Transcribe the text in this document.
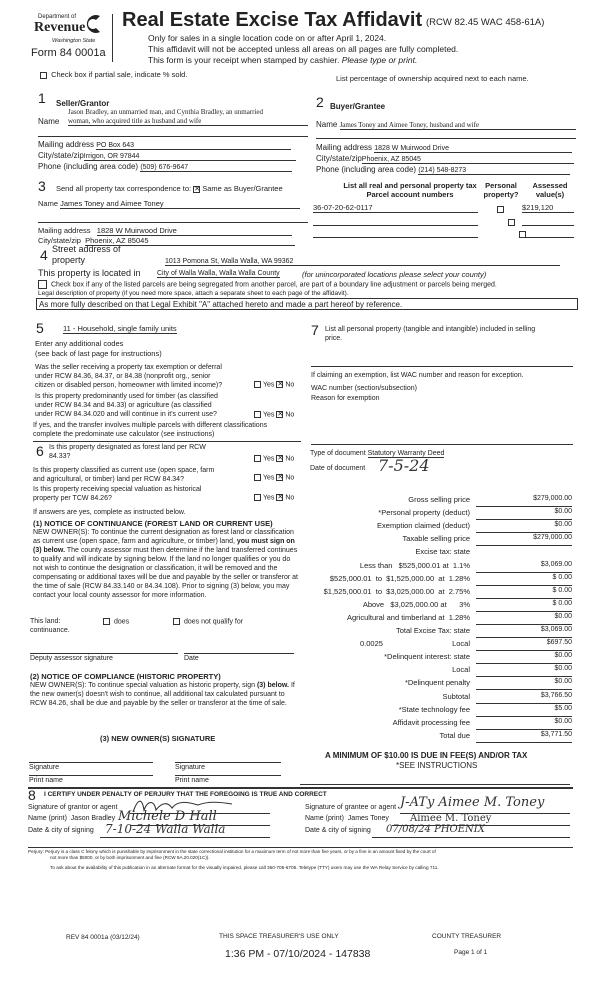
Department of
Revenue
Washington State
Form 84 0001a
Real Estate Excise Tax Affidavit (RCW 82.45 WAC 458-61A)
Only for sales in a single location code on or after April 1, 2024.
This affidavit will not be accepted unless all areas on all pages are fully completed.
This form is your receipt when stamped by cashier. Please type or print.
Check box if partial sale, indicate % sold.	List percentage of ownership acquired next to each name.
1 Seller/Grantor
Name
Jason Bradley, an unmarried man, and Cynthia Bradley, an unmarried
woman, who acquired title as husband and wife
Mailing address PO Box 643
City/state/zipIrrigon, OR 97844
Phone (including area code) (509) 676-9647
2 Buyer/Grantee
Name James Toney and Aimee Toney, husband and wife
Mailing address 1828 W Muirwood Drive
City/state/zipPhoenix, AZ 85045
Phone (including area code) (214) 548-8273
3 Send all property tax correspondence to: ✕ Same as Buyer/Grantee
Name James Toney and Aimee Toney
Mailing address 1828 W Muirwood Drive
City/state/zip Phoenix, AZ 85045
List all real and personal property tax
Parcel account numbers
Personal
property?
Assessed
value(s)
36-07-20-62-0117
	$219,120

4 Street address of
property	1013 Pomona St, Walla Walla, WA 99362
This property is located in City of Walla Walla, Walla Walla County	(for unincorporated locations please select your county)
Check box if any of the listed parcels are being segregated from another parcel, are part of a boundary line adjustment or parcels being merged.
Legal description of property (if you need more space, attach a separate sheet to each page of the affidavit).
As more fully described on that Legal Exhibit "A" attached hereto and made a part hereof by reference.
5	11 - Household, single family units
Enter any additional codes
(see back of last page for instructions)
Was the seller receiving a property tax exemption or deferral
under RCW 84.36, 84.37, or 84.38 (nonprofit org., senior
citizen or disabled person, homeowner with limited income)?	Yes ✕ No
Is this property predominantly used for timber (as classified
under RCW 84.34 and 84.33) or agriculture (as classified
under RCW 84.34.020 and will continue in it's current use?	Yes ✕ No
If yes, and the transfer involves multiple parcels with different classifications
complete the predominate use calculator (see instructions)
6 Is this property designated as forest land per RCW
84.33?	Yes ✕ No
Is this property classified as current use (open space, farm
and agricultural, or timber) land per RCW 84.34?	Yes ✕ No
Is this property receiving special valuation as historical
property per TCW 84.26?	Yes ✕ No
If answers are yes, complete as instructed below.
(1) NOTICE OF CONTINUANCE (FOREST LAND OR CURRENT USE)
NEW OWNER(S): To continue the current designation as forest land or classification as current use (open space, farm and agriculture, or timber) land, you must sign on (3) below. The county assessor must then determine if the land transferred continues to qualify and will indicate by signing below. If the land no longer qualifies or you do not wish to continue the designation or classification, it will be removed and the compensating or additional taxes will be due and payable by the seller or transferor at the time of sale (RCW 84.33.140 or 84.34.108). Prior to signing (3) below, you may contact your local county assessor for more information.
This land:
continuance.
does	does not qualify for
Deputy assessor signature	Date
(2) NOTICE OF COMPLIANCE (HISTORIC PROPERTY)
NEW OWNER(S): To continue special valuation as historic property, sign (3) below. If the new owner(s) doesn't wish to continue, all additional tax calculated pursuant to RCW 84.26, shall be due and payable by the seller or transferor at the time of sale.
(3) NEW OWNER(S) SIGNATURE
Signature	Signature
Print name	Print name
7 List all personal property (tangible and intangible) included in selling
price.
If claiming an exemption, list WAC number and reason for exception.
WAC number (section/subsection)
Reason for exemption
Type of document Statutory Warranty Deed
Date of document 7-5-24
Gross selling price	$279,000.00
*Personal property (deduct)	$0.00
Exemption claimed (deduct)	$0.00
Taxable selling price	$279,000.00
Excise tax: state
Less than   $525,000.01 at  1.1%	$3,069.00
$525,000.01  to  $1,525,000.00  at  1.28%	$ 0.00
$1,525,000.01  to  $3,025,000.00  at  2.75%	$ 0.00
Above   $3,025,000.00 at      3%	$ 0.00
Agricultural and timberland at  1.28%	$0.00
Total Excise Tax: state	$3,069.00
0.0025	Local	$697.50
*Delinquent interest: state	$0.00
Local	$0.00
*Delinquent penalty	$0.00
Subtotal	$3,766.50
*State technology fee	$5.00
Affidavit processing fee	$0.00
Total due	$3,771.50
A MINIMUM OF $10.00 IS DUE IN FEE(S) AND/OR TAX
*SEE INSTRUCTIONS
8 I CERTIFY UNDER PENALTY OF PERJURY THAT THE FOREGOING IS TRUE AND CORRECT
Signature of grantor or agent
Name (print) Jason Bradley Michele D Hall
Date & city of signing 7-10-24 Walla Walla
Signature of grantee or agent J-ATy Aimee M. Toney
Name (print) James Toney Aimee M. Toney
Date & city of signing 07/08/24 PHOENIX
Perjury: Perjury is a class C felony which is punishable by imprisonment in the state correctional institution for a maximum term of not more than five years, or by a fine in an amount fixed by the court of
not more than $5000, or by both imprisonment and fine (RCW 9A.20.020(1C)).
To ask about the availability of this publication in an alternate format for the visually impaired, please call 360-705-6705. Teletype (TTY) users may use the WA Relay Service by calling 711.
REV 84 0001a (03/12/24)	THIS SPACE TREASURER'S USE ONLY
1:36 PM - 07/10/2024 - 147838
COUNTY TREASURER
Page 1 of 1
